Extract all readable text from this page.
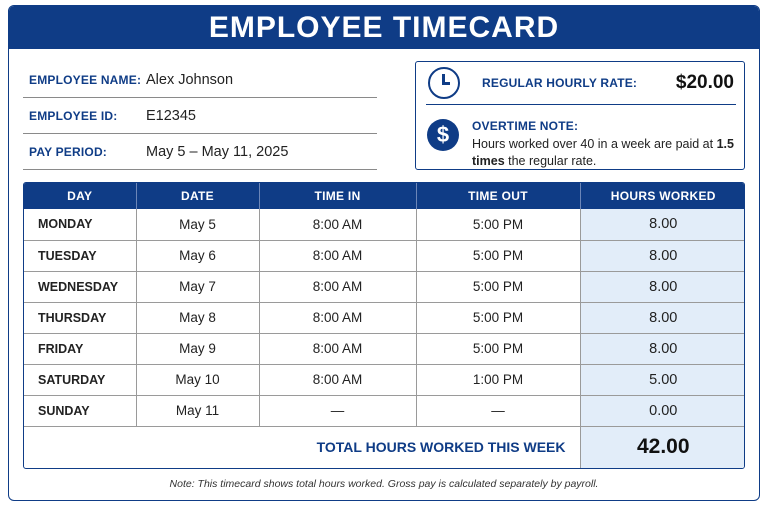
EMPLOYEE TIMECARD
EMPLOYEE NAME: Alex Johnson
EMPLOYEE ID:	E12345
PAY PERIOD:	May 5 – May 11, 2025
REGULAR HOURLY RATE:	$20.00
$	OVERTIME NOTE:
Hours worked over 40 in a week are paid at 1.5 times the regular rate.
DAY	DATE	TIME IN	TIME OUT	HOURS WORKED
MONDAY	May 5	8:00 AM	5:00 PM	8.00
TUESDAY	May 6	8:00 AM	5:00 PM	8.00
WEDNESDAY	May 7	8:00 AM	5:00 PM	8.00
THURSDAY	May 8	8:00 AM	5:00 PM	8.00
FRIDAY	May 9	8:00 AM	5:00 PM	8.00
SATURDAY	May 10	8:00 AM	1:00 PM	5.00
SUNDAY	May 11	—	—	0.00
TOTAL HOURS WORKED THIS WEEK				42.00
Note: This timecard shows total hours worked. Gross pay is calculated separately by payroll.
